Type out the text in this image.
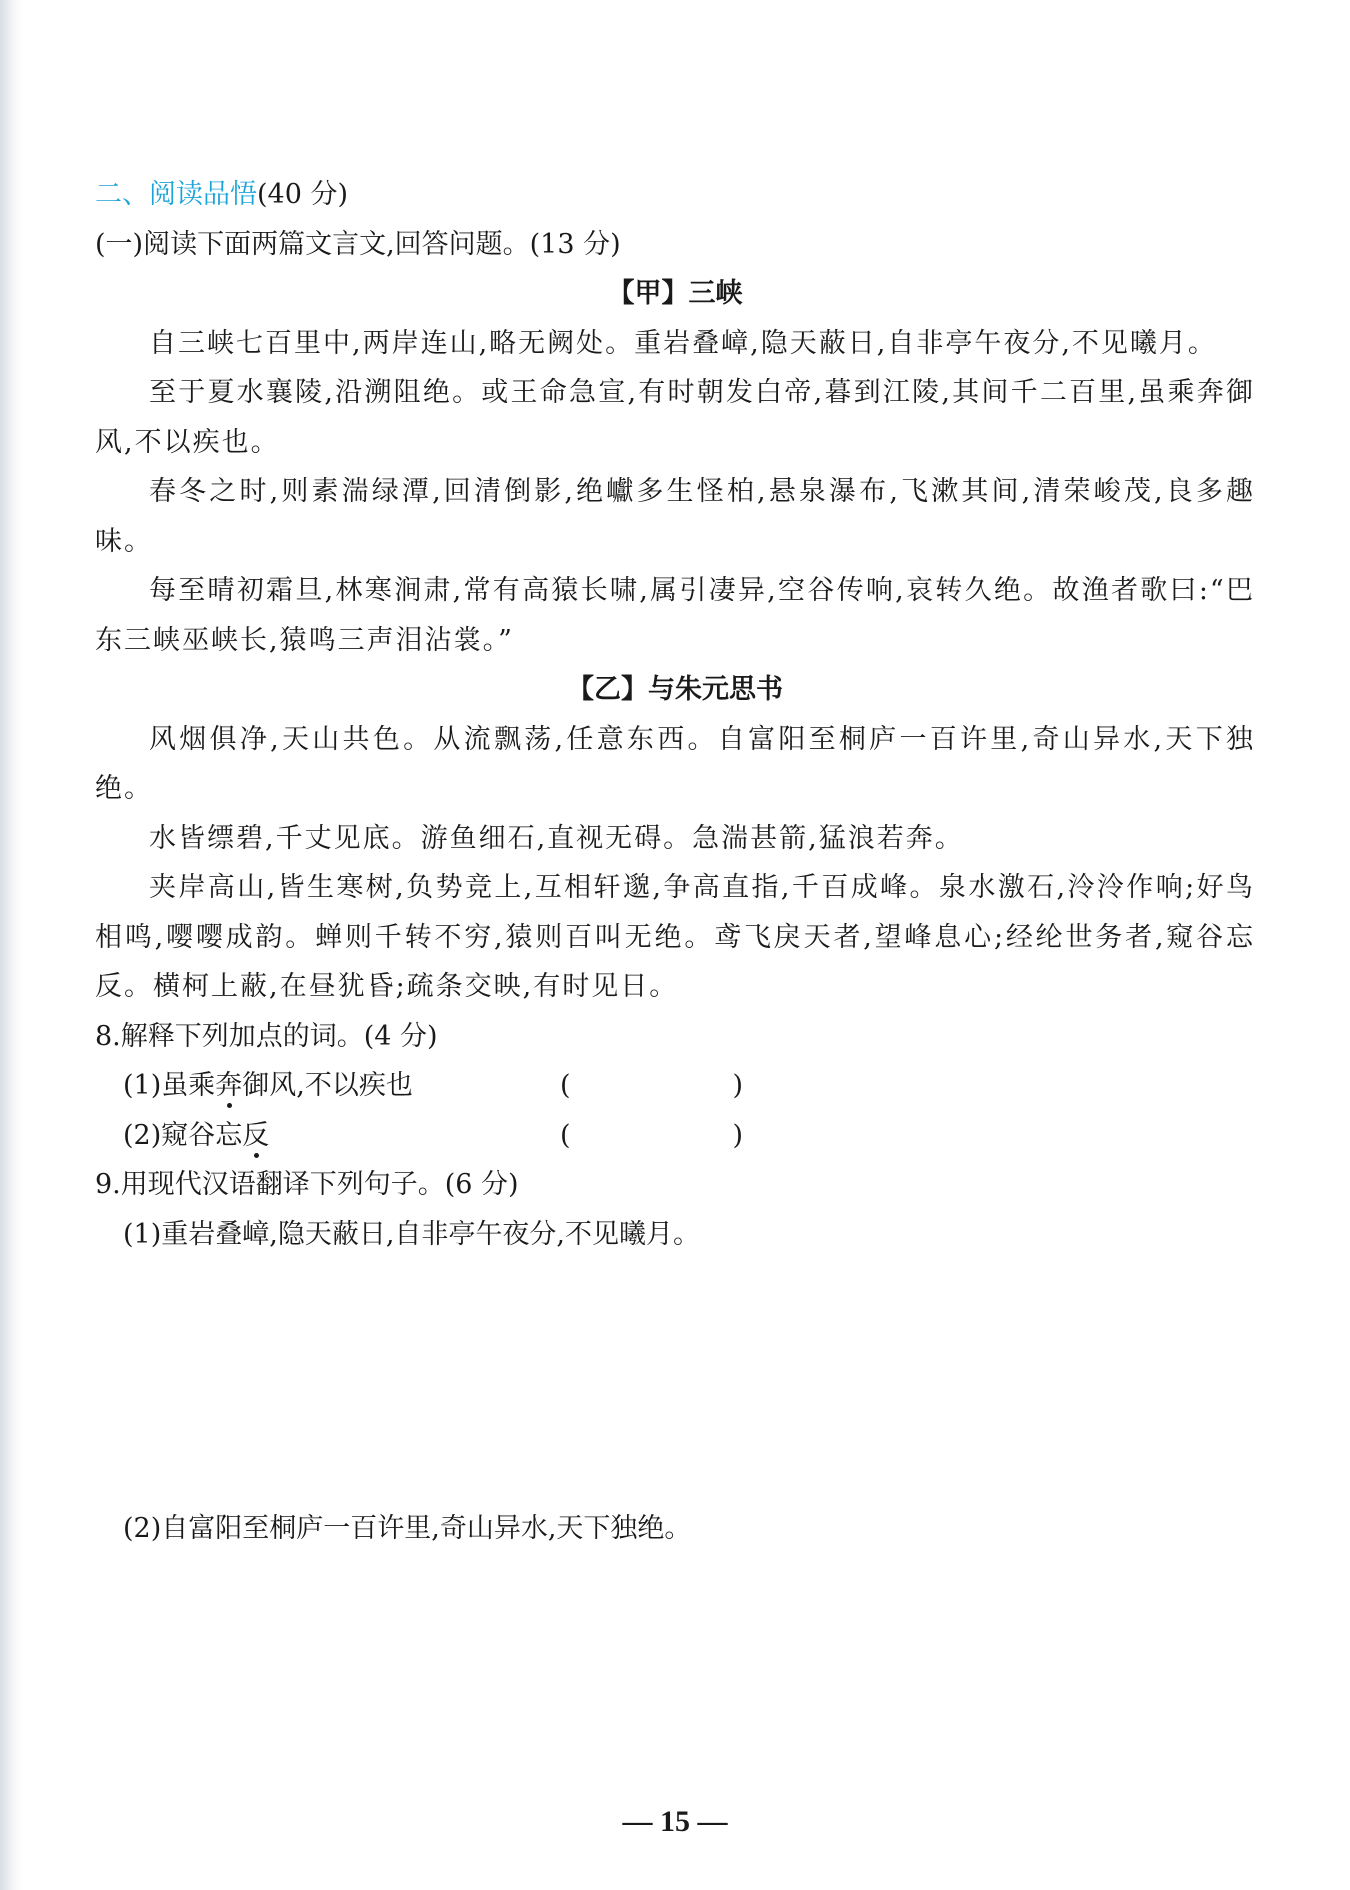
二、阅读品悟(40 分)
(一)阅读下面两篇文言文,回答问题。(13 分)
【甲】三峡
自三峡七百里中,两岸连山,略无阙处。重岩叠嶂,隐天蔽日,自非亭午夜分,不见曦月。
至于夏水襄陵,沿溯阻绝。或王命急宣,有时朝发白帝,暮到江陵,其间千二百里,虽乘奔御风,不以疾也。
春冬之时,则素湍绿潭,回清倒影,绝巘多生怪柏,悬泉瀑布,飞漱其间,清荣峻茂,良多趣味。
每至晴初霜旦,林寒涧肃,常有高猿长啸,属引凄异,空谷传响,哀转久绝。故渔者歌曰:“巴东三峡巫峡长,猿鸣三声泪沾裳。”
【乙】与朱元思书
风烟俱净,天山共色。从流飘荡,任意东西。自富阳至桐庐一百许里,奇山异水,天下独绝。
水皆缥碧,千丈见底。游鱼细石,直视无碍。急湍甚箭,猛浪若奔。
夹岸高山,皆生寒树,负势竞上,互相轩邈,争高直指,千百成峰。泉水激石,泠泠作响;好鸟相鸣,嘤嘤成韵。蝉则千转不穷,猿则百叫无绝。鸢飞戾天者,望峰息心;经纶世务者,窥谷忘反。横柯上蔽,在昼犹昏;疏条交映,有时见日。
8.解释下列加点的词。(4 分)
(1)虽乘奔御风,不以疾也	(　　　　　　)
(2)窥谷忘反	(　　　　　　)
9.用现代汉语翻译下列句子。(6 分)
(1)重岩叠嶂,隐天蔽日,自非亭午夜分,不见曦月。
(2)自富阳至桐庐一百许里,奇山异水,天下独绝。
— 15 —
